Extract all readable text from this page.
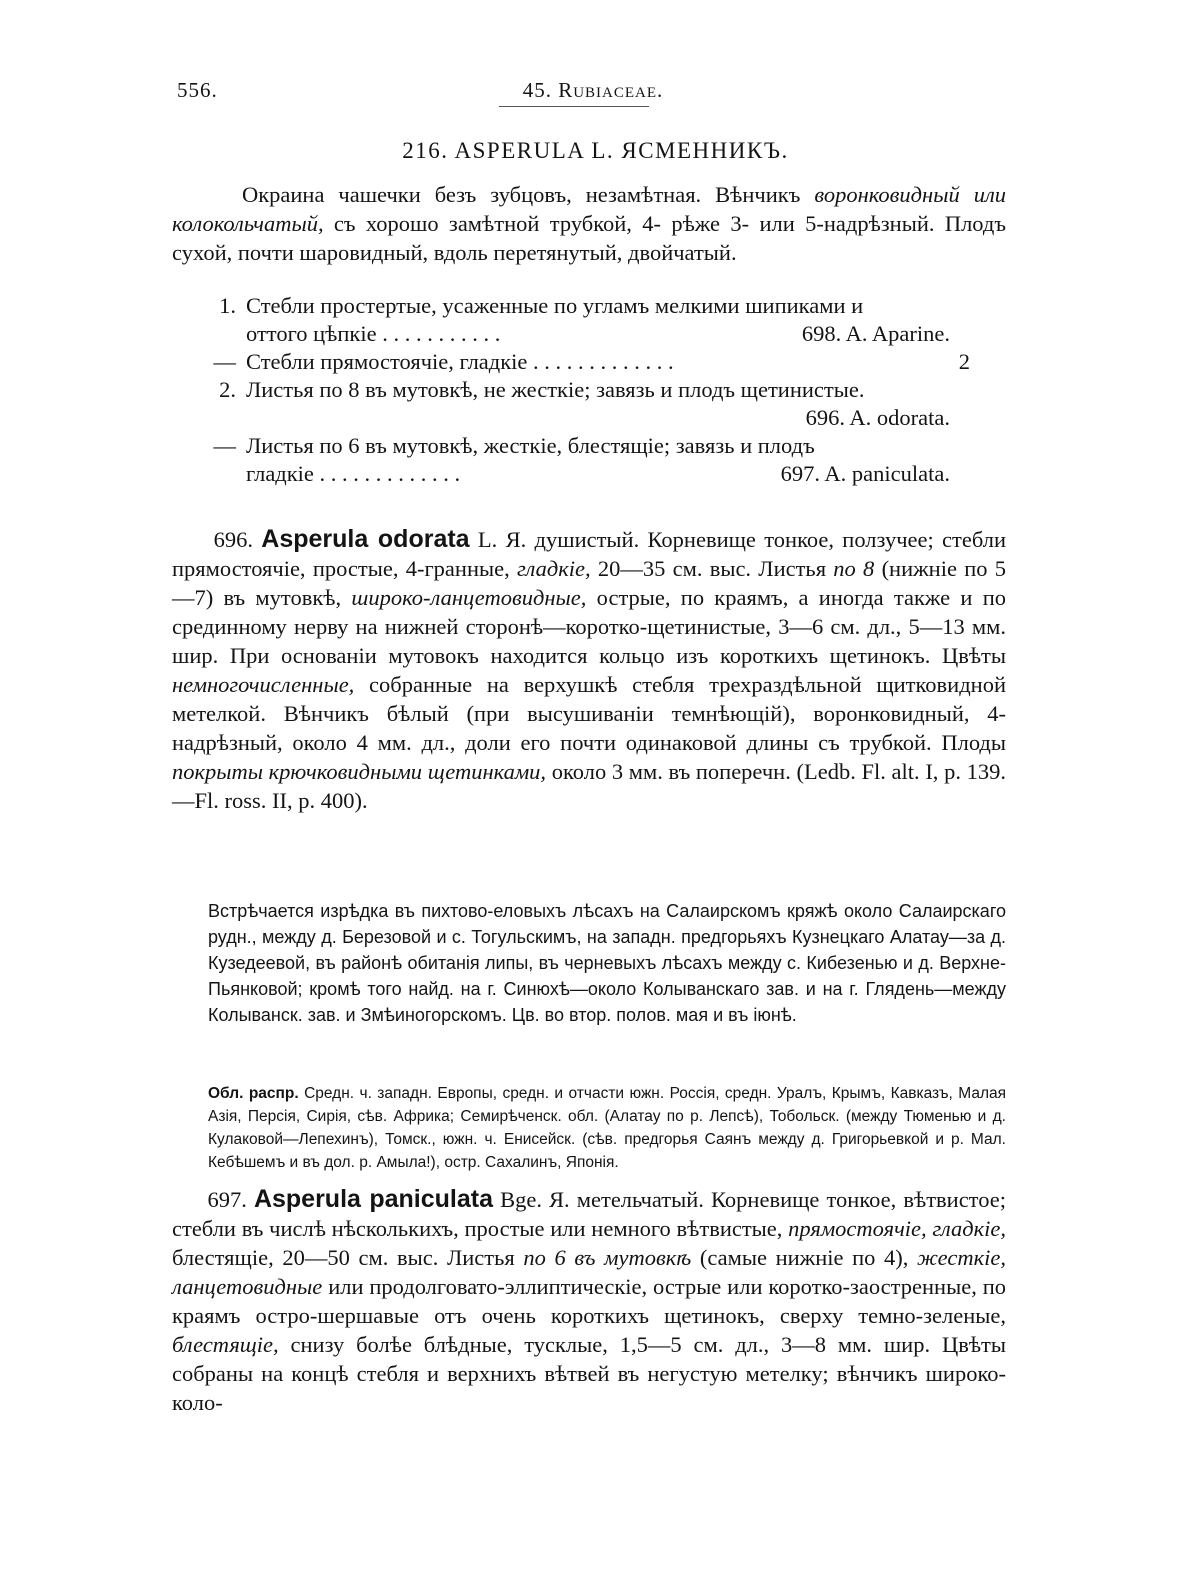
556.	45. Rubiaceae.
216. ASPERULA L. ЯСМЕННИКЪ.

Окраина чашечки безъ зубцовъ, незамѣтная. Вѣнчикъ воронковидный или колокольчатый, съ хорошо замѣтной трубкой, 4- рѣже 3- или 5-надрѣзный. Плодъ сухой, почти шаровидный, вдоль перетянутый, двойчатый.

1. Стебли простертые, усаженные по угламъ мелкими шипиками и
оттого цѣпкіе . . . . . . . . . . .	698. A. Aparine.
— Стебли прямостоячіе, гладкіе . . . . . . . . . . . . .	2
2. Листья по 8 въ мутовкѣ, не жесткіе; завязь и плодъ щетинистые.
696. A. odorata.
— Листья по 6 въ мутовкѣ, жесткіе, блестящіе; завязь и плодъ
гладкіе . . . . . . . . . . . . .	697. A. paniculata.

696. Asperula odorata L. Я. душистый. Корневище тонкое, ползучее; стебли прямостоячіе, простые, 4-гранные, гладкіе, 20—35 см. выс. Листья по 8 (нижніе по 5—7) въ мутовкѣ, широко-ланцетовидные, острые, по краямъ, а иногда также и по срединному нерву на нижней сторонѣ—коротко-щетинистые, 3—6 см. дл., 5—13 мм. шир. При основаніи мутовокъ находится кольцо изъ короткихъ щетинокъ. Цвѣты немногочисленные, собранные на верхушкѣ стебля трехраздѣльной щитковидной метелкой. Вѣнчикъ бѣлый (при высушиваніи темнѣющій), воронковидный, 4-надрѣзный, около 4 мм. дл., доли его почти одинаковой длины съ трубкой. Плоды покрыты крючковидными щетинками, около 3 мм. въ поперечн. (Ledb. Fl. alt. I, p. 139.—Fl. ross. II, p. 400).

Встрѣчается изрѣдка въ пихтово-еловыхъ лѣсахъ на Салаирскомъ кряжѣ около Салаирскаго рудн., между д. Березовой и с. Тогульскимъ, на западн. предгорьяхъ Кузнецкаго Алатау—за д. Кузедеевой, въ районѣ обитанія липы, въ черневыхъ лѣсахъ между с. Кибезенью и д. Верхне-Пьянковой; кромѣ того найд. на г. Синюхѣ—около Колыванскаго зав. и на г. Глядень—между Колыванск. зав. и Змѣиногорскомъ. Цв. во втор. полов. мая и въ іюнѣ.
Обл. распр. Средн. ч. западн. Европы, средн. и отчасти южн. Россія, средн. Уралъ, Крымъ, Кавказъ, Малая Азія, Персія, Сирія, сѣв. Африка; Семирѣченск. обл. (Алатау по р. Лепсѣ), Тобольск. (между Тюменью и д. Кулаковой—Лепехинъ), Томск., южн. ч. Енисейск. (сѣв. предгорья Саянъ между д. Григорьевкой и р. Мал. Кебѣшемъ и въ дол. р. Амыла!), остр. Сахалинъ, Японія.

697. Asperula paniculata Bge. Я. метельчатый. Корневище тонкое, вѣтвистое; стебли въ числѣ нѣсколькихъ, простые или немного вѣтвистые, прямостоячіе, гладкіе, блестящіе, 20—50 см. выс. Листья по 6 въ мутовкѣ (самые нижніе по 4), жесткіе, ланцетовидные или продолговато-эллиптическіе, острые или коротко-заостренные, по краямъ остро-шершавые отъ очень короткихъ щетинокъ, сверху темно-зеленые, блестящіе, снизу болѣе блѣдные, тусклые, 1,5—5 см. дл., 3—8 мм. шир. Цвѣты собраны на концѣ стебля и верхнихъ вѣтвей въ негустую метелку; вѣнчикъ широко-коло-
